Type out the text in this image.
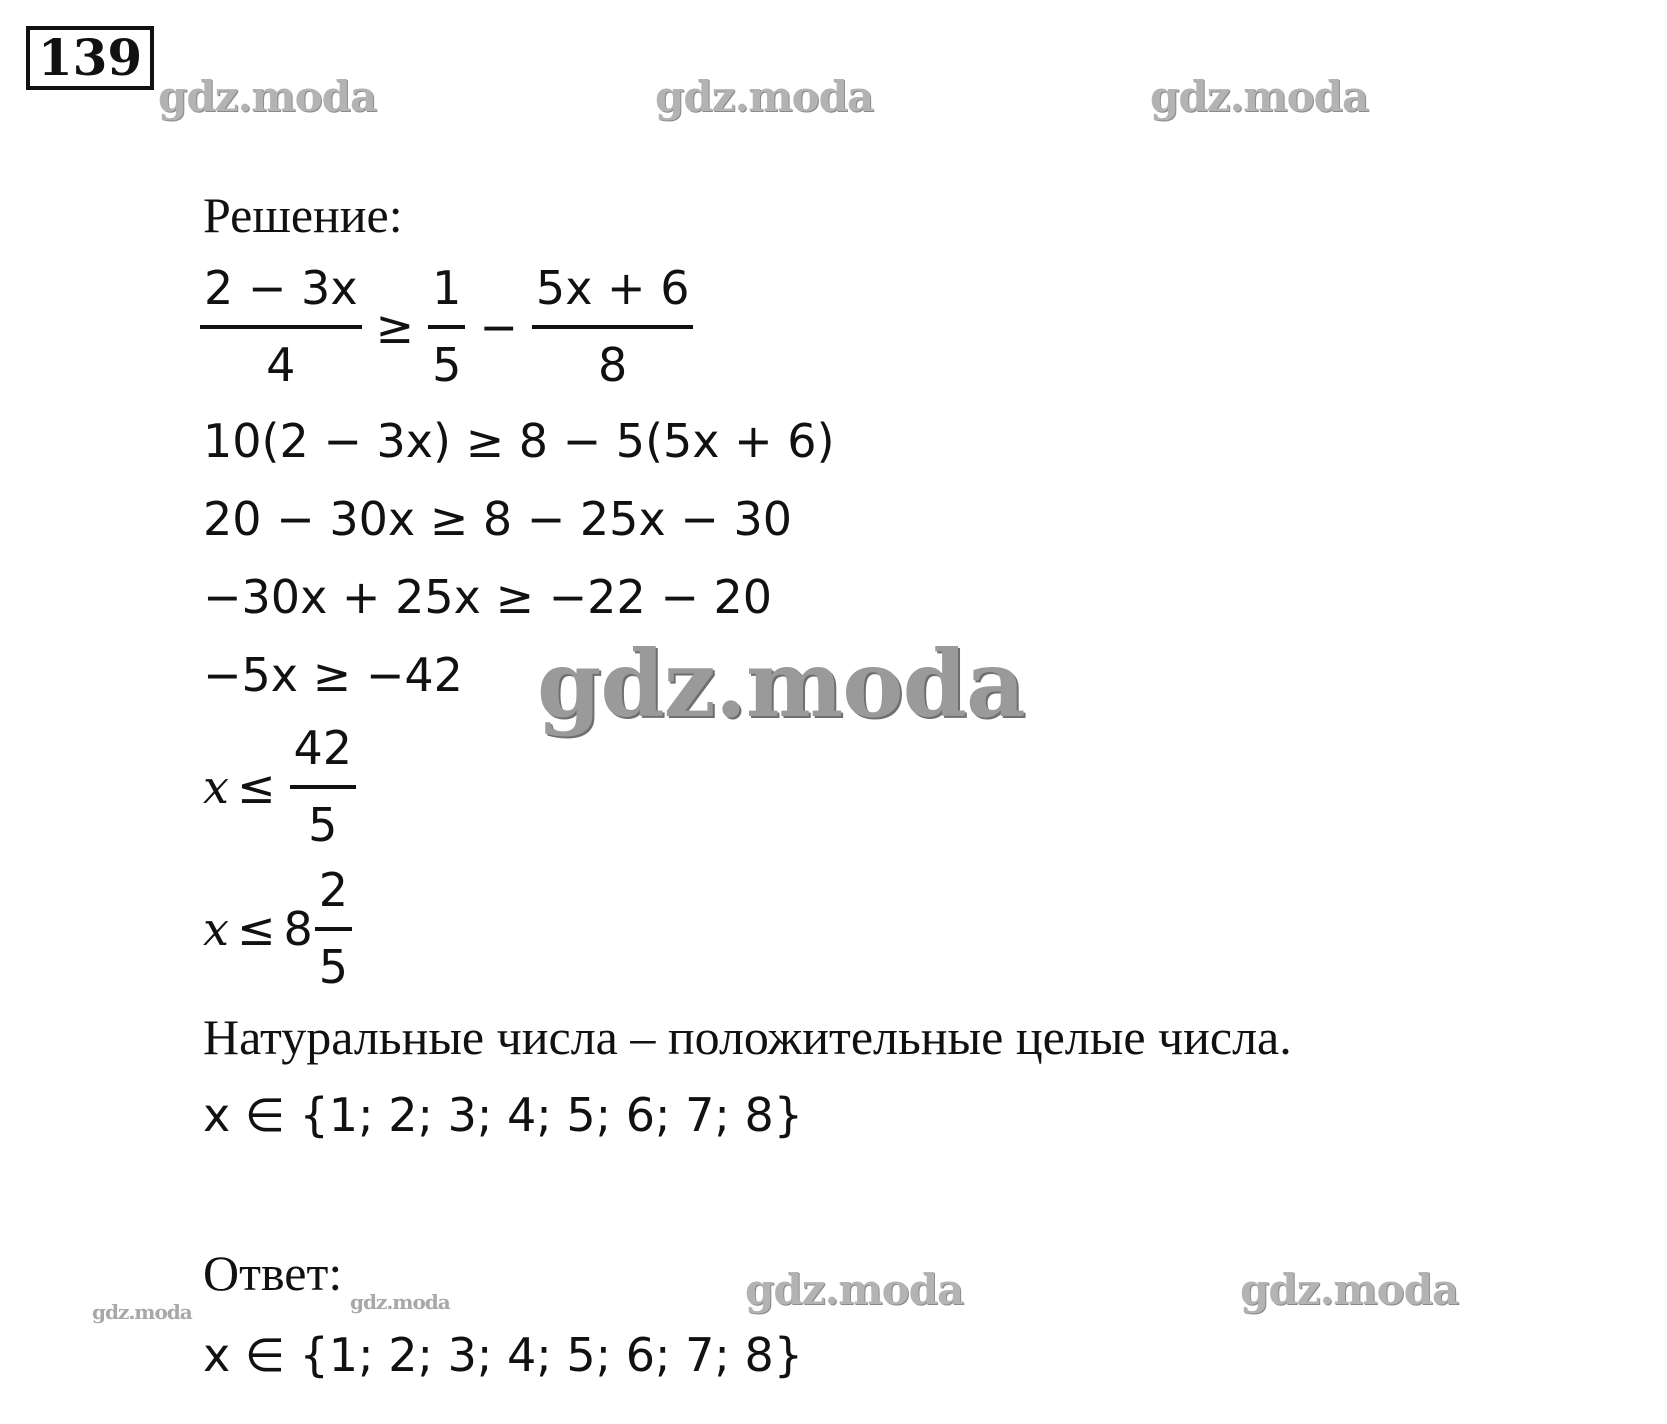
139
gdz.moda	gdz.moda	gdz.moda
Решение:
$\frac{2 - 3x}{4} \ge \frac{1}{5} - \frac{5x + 6}{8}$
10(2 − 3x) ≥ 8 − 5(5x + 6)
20 − 30x ≥ 8 − 25x − 30
−30x + 25x ≥ −22 − 20
−5x ≥ −42 gdz.moda
$x \le \frac{42}{5}$
$x \le 8 \frac{2}{5}$
Натуральные числа – положительные целые числа.
x ∈ {1; 2; 3; 4; 5; 6; 7; 8}
Ответ:
gdz.moda	gdz.moda	gdz.moda	gdz.moda
x ∈ {1; 2; 3; 4; 5; 6; 7; 8}
